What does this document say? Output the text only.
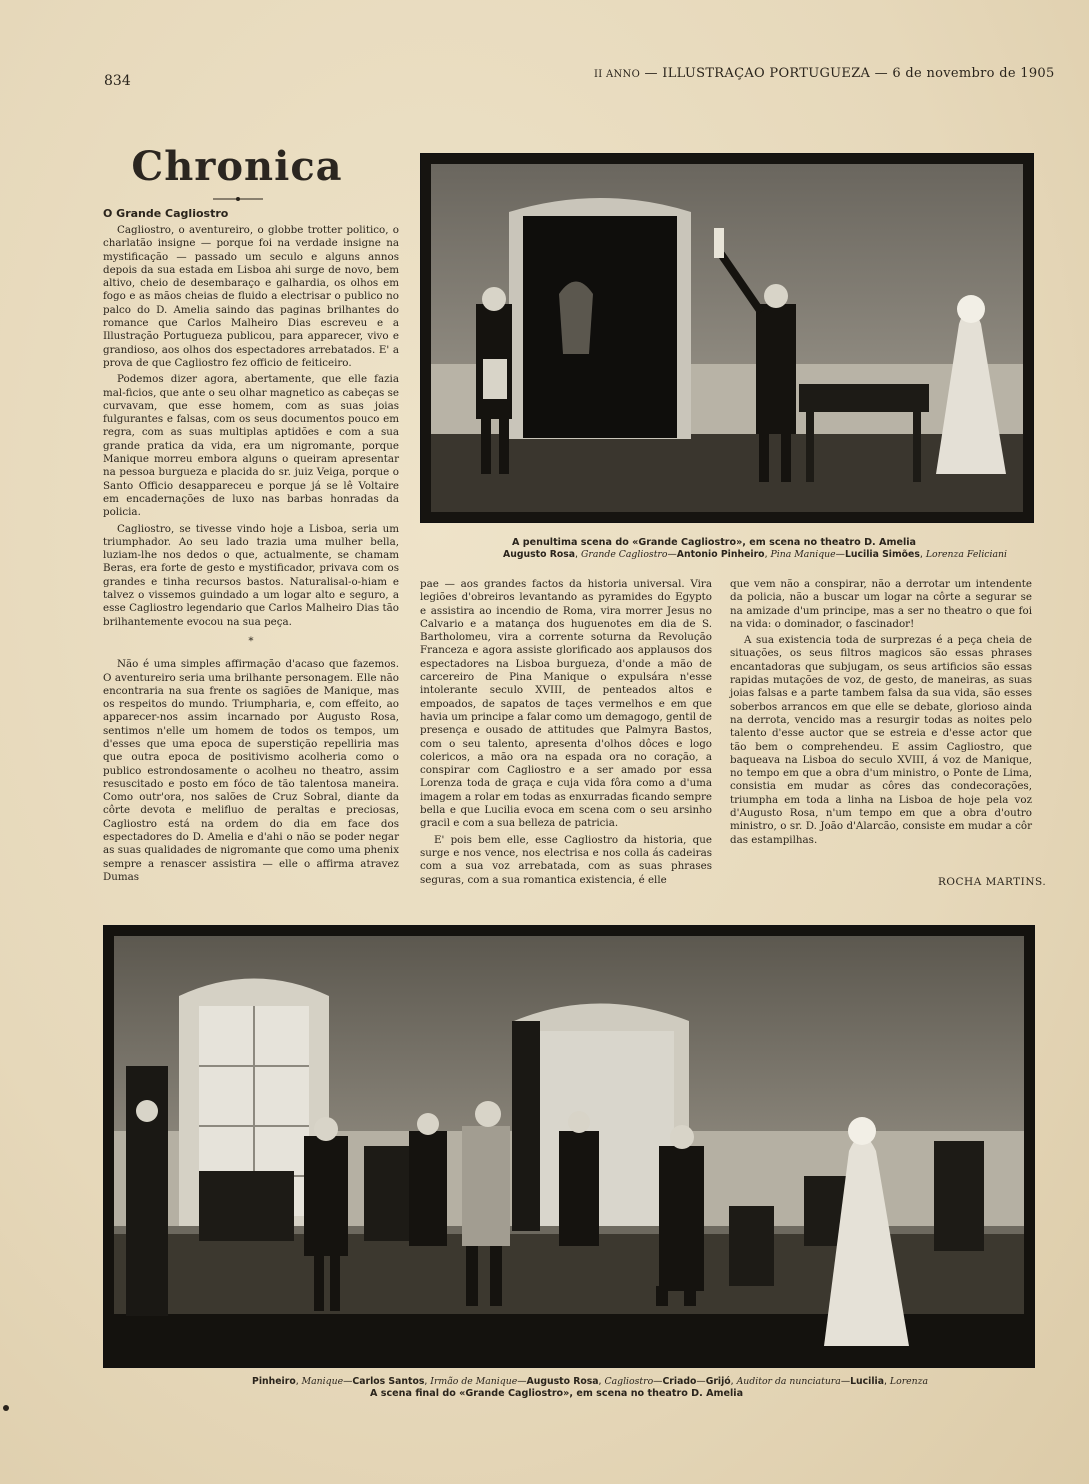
834	II ANNO — ILLUSTRAÇAO PORTUGUEZA — 6 de novembro de 1905
Chronica
O Grande Cagliostro

Cagliostro, o aventureiro, o globbe trotter politico, o charlatão insigne — porque foi na verdade insigne na mystificação — passado um seculo e alguns annos depois da sua estada em Lisboa ahi surge de novo, bem altivo, cheio de desembaraço e galhardia, os olhos em fogo e as mãos cheias de fluido a electrisar o publico no palco do D. Amelia saindo das paginas brilhantes do romance que Carlos Malheiro Dias escreveu e a Illustração Portugueza publicou, para apparecer, vivo e grandioso, aos olhos dos espectadores arrebatados. E' a prova de que Cagliostro fez officio de feiticeiro.

Podemos dizer agora, abertamente, que elle fazia mal-ficios, que ante o seu olhar magnetico as cabeças se curvavam, que esse homem, com as suas joias fulgurantes e falsas, com os seus documentos pouco em regra, com as suas multiplas aptidões e com a sua grande pratica da vida, era um nigromante, porque Manique morreu embora alguns o queiram apresentar na pessoa burgueza e placida do sr. juiz Veiga, porque o Santo Officio desappareceu e porque já se lê Voltaire em encadernações de luxo nas barbas honradas da policia.

Cagliostro, se tivesse vindo hoje a Lisboa, seria um triumphador. Ao seu lado trazia uma mulher bella, luziam-lhe nos dedos o que, actualmente, se chamam Beras, era forte de gesto e mystificador, privava com os grandes e tinha recursos bastos. Naturalisal-o-hiam e talvez o vissemos guindado a um logar alto e seguro, a esse Cagliostro legendario que Carlos Malheiro Dias tão brilhantemente evocou na sua peça.

*

Não é uma simples affirmação d'acaso que fazemos. O aventureiro seria uma brilhante personagem. Elle não encontraria na sua frente os sagiões de Manique, mas os respeitos do mundo. Triumpharia, e, com effeito, ao apparecer-nos assim incarnado por Augusto Rosa, sentimos n'elle um homem de todos os tempos, um d'esses que uma epoca de superstição repelliria mas que outra epoca de positivismo acolheria como o publico estrondosamente o acolheu no theatro, assim resuscitado e posto em fóco de tão talentosa maneira. Como outr'ora, nos salões de Cruz Sobral, diante da côrte devota e melifluo de peraltas e preciosas, Cagliostro está na ordem do dia em face dos espectadores do D. Amelia e d'ahi o não se poder negar as suas qualidades de nigromante que como uma phenix sempre a renascer assistira — elle o affirma atravez Dumas

pae — aos grandes factos da historia universal. Vira legiões d'obreiros levantando as pyramides do Egypto e assistira ao incendio de Roma, vira morrer Jesus no Calvario e a matança dos huguenotes em dia de S. Bartholomeu, vira a corrente soturna da Revolução Franceza e agora assiste glorificado aos applausos dos espectadores na Lisboa burgueza, d'onde a mão de carcereiro de Pina Manique o expulsára n'esse intolerante seculo XVIII, de penteados altos e empoados, de sapatos de taçes vermelhos e em que havia um principe a falar como um demagogo, gentil de presença e ousado de attitudes que Palmyra Bastos, com o seu talento, apresenta d'olhos dôces e logo colericos, a mão ora na espada ora no coração, a conspirar com Cagliostro e a ser amado por essa Lorenza toda de graça e cuja vida fôra como a d'uma imagem a rolar em todas as enxurradas ficando sempre bella e que Lucilia evoca em scena com o seu arsinho gracil e com a sua belleza de patricia.

E' pois bem elle, esse Cagliostro da historia, que surge e nos vence, nos electrisa e nos colla ás cadeiras com a sua voz arrebatada, com as suas phrases seguras, com a sua romantica existencia, é elle

que vem não a conspirar, não a derrotar um intendente da policia, não a buscar um logar na côrte a segurar se na amizade d'um principe, mas a ser no theatro o que foi na vida: o dominador, o fascinador!

A sua existencia toda de surprezas é a peça cheia de situações, os seus filtros magicos são essas phrases encantadoras que subjugam, os seus artificios são essas rapidas mutações de voz, de gesto, de maneiras, as suas joias falsas e a parte tambem falsa da sua vida, são esses soberbos arrancos em que elle se debate, glorioso ainda na derrota, vencido mas a resurgir todas as noites pelo talento d'esse auctor que se estreia e d'esse actor que tão bem o comprehendeu. E assim Cagliostro, que baqueava na Lisboa do seculo XVIII, á voz de Manique, no tempo em que a obra d'um ministro, o Ponte de Lima, consistia em mudar as côres das condecorações, triumpha em toda a linha na Lisboa de hoje pela voz d'Augusto Rosa, n'um tempo em que a obra d'outro ministro, o sr. D. João d'Alarcão, consiste em mudar a côr das estampilhas.

ROCHA MARTINS.
A penultima scena do «Grande Cagliostro», em scena no theatro D. Amelia
Augusto Rosa, Grande Cagliostro—Antonio Pinheiro, Pina Manique—Lucilia Simões, Lorenza Feliciani
Pinheiro, Manique—Carlos Santos, Irmão de Manique—Augusto Rosa, Cagliostro—Criado—Grijó, Auditor da nunciatura—Lucilia, Lorenza
A scena final do «Grande Cagliostro», em scena no theatro D. Amelia
